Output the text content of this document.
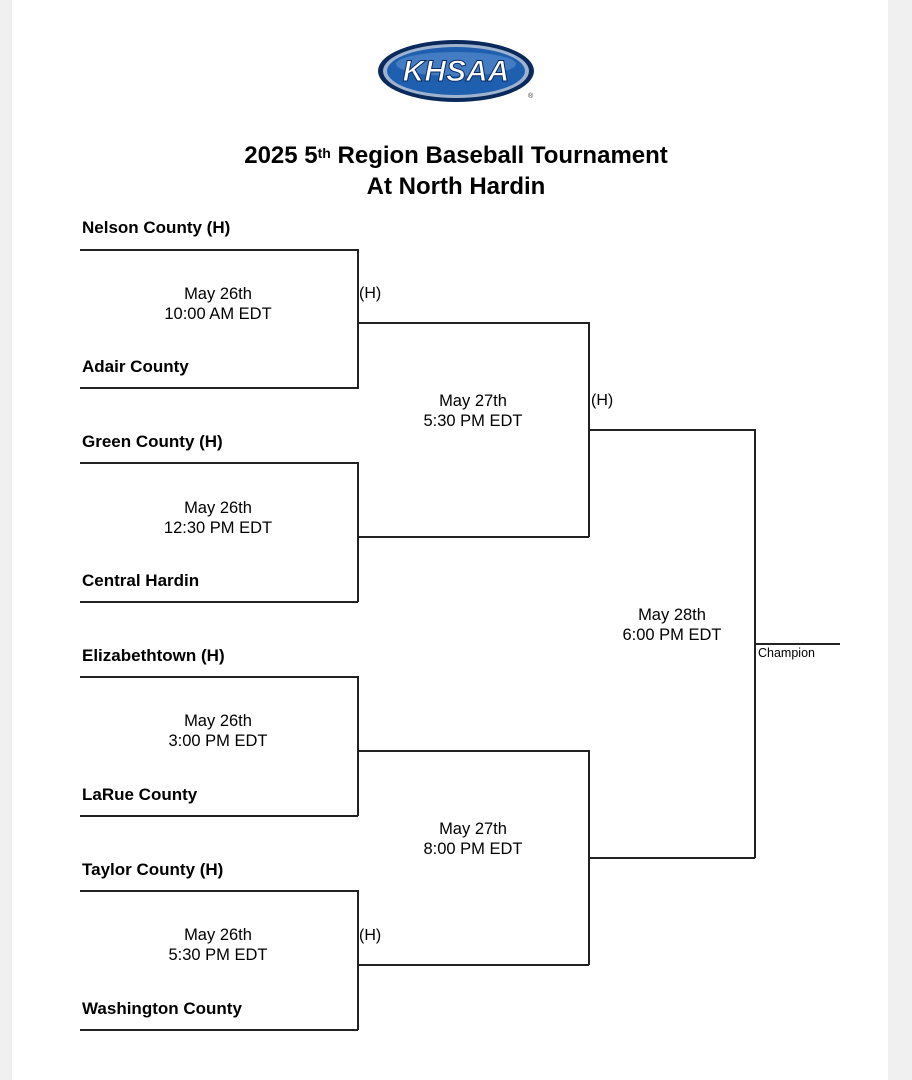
KHSAA
®
2025 5th Region Baseball Tournament
At North Hardin
Nelson County (H)
May 26th
10:00 AM EDT
Adair County
(H)
Green County (H)
May 26th
12:30 PM EDT
Central Hardin
Elizabethtown (H)
May 26th
3:00 PM EDT
LaRue County
Taylor County (H)
May 26th
5:30 PM EDT
Washington County
(H)
May 27th
5:30 PM EDT
(H)
May 27th
8:00 PM EDT
May 28th
6:00 PM EDT
Champion
